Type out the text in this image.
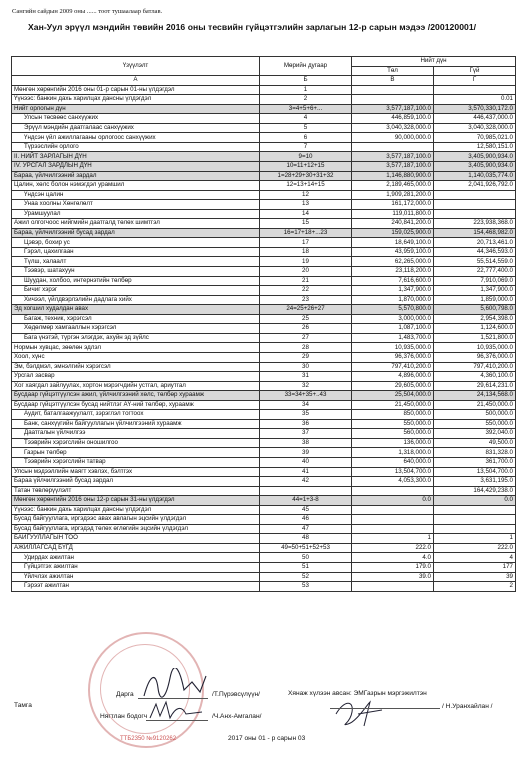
Сангийн сайдын 2009 оны ...... тоот тушаалаар батлав.
Хан-Уул эрүүл мэндийн төвийн 2016 оны тесвийн гүйцэтгэлийн зарлагын 12-р сарын мэдээ /200120001/
Үзүүлэлт	Мөрийн дугаар	Нийт дүн	
		Төл	Гүй
А	Б	В	Г
Мөнгөн хөрөнгийн 2016 оны 01-р сарын 01-ны үлдэгдэл	1		
Үүнээс: банкин дахь харилцах дансны үлдэгдэл	2		0.01
Нийт орлогын дүн	3=4+5+6+...	3,577,187,100.0	3,570,330,172.0
Улсын төсвөөс санхүүжих	4	446,859,100.0	446,437,000.0
Эрүүл мэндийн даатгалаас санхүүжих	5	3,040,328,000.0	3,040,328,000.0
Үндсэн үйл ажиллагааны орлогоос санхүүжих	6	90,000,000.0	70,985,021.0
Түрээслийн орлого	7		12,580,151.0
II. НИЙТ ЗАРЛАГЫН ДҮН	9=10	3,577,187,100.0	3,405,900,934.0
IV. УРСГАЛ ЗАРДЛЫН ДҮН	10=11+12+15	3,577,187,100.0	3,405,900,934.0
Бараа, үйлчилгээний зардал	1=28+29+30+31+32	1,146,880,900.0	1,140,035,774.0
Цалин, хөлс болон нэмэгдэл урамшил	12=13+14+15	2,189,465,000.0	2,041,926,792.0
Үндсэн цалин	12	1,909,281,200.0	
Унаа хоолны Хөнгөлөлт	13	161,172,000.0	
Урамшуулал	14	119,011,800.0	
Ажил олгогчоос нийгмийн даатгалд төлөх шимтгэл	15	240,841,200.0	223,938,368.0
Бараа, үйлчилгээний бусад зардал	16=17+18+...23	159,025,900.0	154,468,982.0
Цэвэр, бохир ус	17	18,649,100.0	20,713,461.0
Гэрэл, цахилгаан	18	43,959,100.0	44,346,593.0
Түлш, халаалт	19	62,265,000.0	55,514,559.0
Тээвэр, шатахуун	20	23,118,200.0	22,777,400.0
Шуудан, холбоо, интернэтийн төлбөр	21	7,616,600.0	7,910,069.0
Бичиг хэрэг	22	1,347,900.0	1,347,900.0
Хичээл, үйлдвэрлэлийн дадлага хийх	23	1,870,000.0	1,859,000.0
Эд хогшил худалдан авах	24=25+26+27	5,570,800.0	5,600,798.0
Багаж, техник, хэрэгсэл	25	3,000,000.0	2,954,398.0
Хөдөлмөр хамгааллын хэрэгсэл	26	1,087,100.0	1,124,600.0
Бага үнэтэй, түргэн элэгдэх, ахуйн эд зүйлс	27	1,483,700.0	1,521,800.0
Нормын хувцас, зөөлөн эдлэл	28	10,935,000.0	10,935,000.0
Хоол, хүнс	29	96,376,000.0	96,376,000.0
Эм, бэлдмэл, эмнэлгийн хэрэгсэл	30	797,410,200.0	797,410,200.0
Урсгал засвар	31	4,896,000.0	4,360,100.0
Хог хаягдал зайлуулах, хортон мэрэгчдийн устгал, ариутгал	32	29,605,000.0	29,614,231.0
Бусдаар гүйцэтгүүлсэн ажил, үйлчилгээний хөлс, төлбөр хураамж	33=34+35+..43	25,504,000.0	24,134,568.0
Бусдаар гүйцэтгүүлсэн бусад нийтлэг АҮ-ний төлбөр, хураамж	34	21,450,000.0	21,450,000.0
Аудит, баталгаажуулалт, зэрэглэл тогтоох	35	850,000.0	500,000.0
Банк, санхүүгийн байгууллагын үйлчилгээний хураамж	36	550,000.0	550,000.0
Даатгалын үйлчилгээ	37	560,000.0	392,040.0
Тээврийн хэрэгслийн оношилгоо	38	136,000.0	49,500.0
Газрын төлбөр	39	1,318,000.0	831,328.0
Тээврийн хэрэгслийн татвар	40	640,000.0	361,700.0
Улсын мэдээллийн маягт хэвлэх, бэлтгэх	41	13,504,700.0	13,504,700.0
Бараа үйлчилгээний бусад зардал	42	4,053,300.0	3,631,195.0
Татан төвлөрүүлэлт			164,429,238.0
Мөнгөн хөрөнгийн 2016 оны 12-р сарын 31-ны үлдэгдэл	44=1+3-8	0.0	0.0
Үүнээс: банкин дахь харилцах дансны үлдэгдэл	45		
Бусад байгууллага, иргэдээс авах авлагын эцсийн үлдэгдэл	46		
Бусад байгууллага, иргэдэд төлөх өглөгийн эцсийн үлдэгдэл	47		
БАЙГУУЛЛАГЫН ТОО	48	1	1
АЖИЛЛАГСАД БҮГД	49=50+51+52+53	222.0	222.0
Удирдах ажилтан	50	4.0	4
Гүйцэтгэх ажилтан	51	179.0	177
Үйлчлэх ажилтан	52	39.0	39
Гэрээт ажилтан	53		2
ТТБ2350 №9120262
Тамга
Дарга	/Т.Пүрэвсүлүүн/
Нягтлан бодогч	/Ч.Анх-Амгалан/
Хянаж хүлээн авсан: ЭМГазрын мэргэжилтэн
/ Н.Уранхайлан /
2017 оны 01 - р сарын 03
